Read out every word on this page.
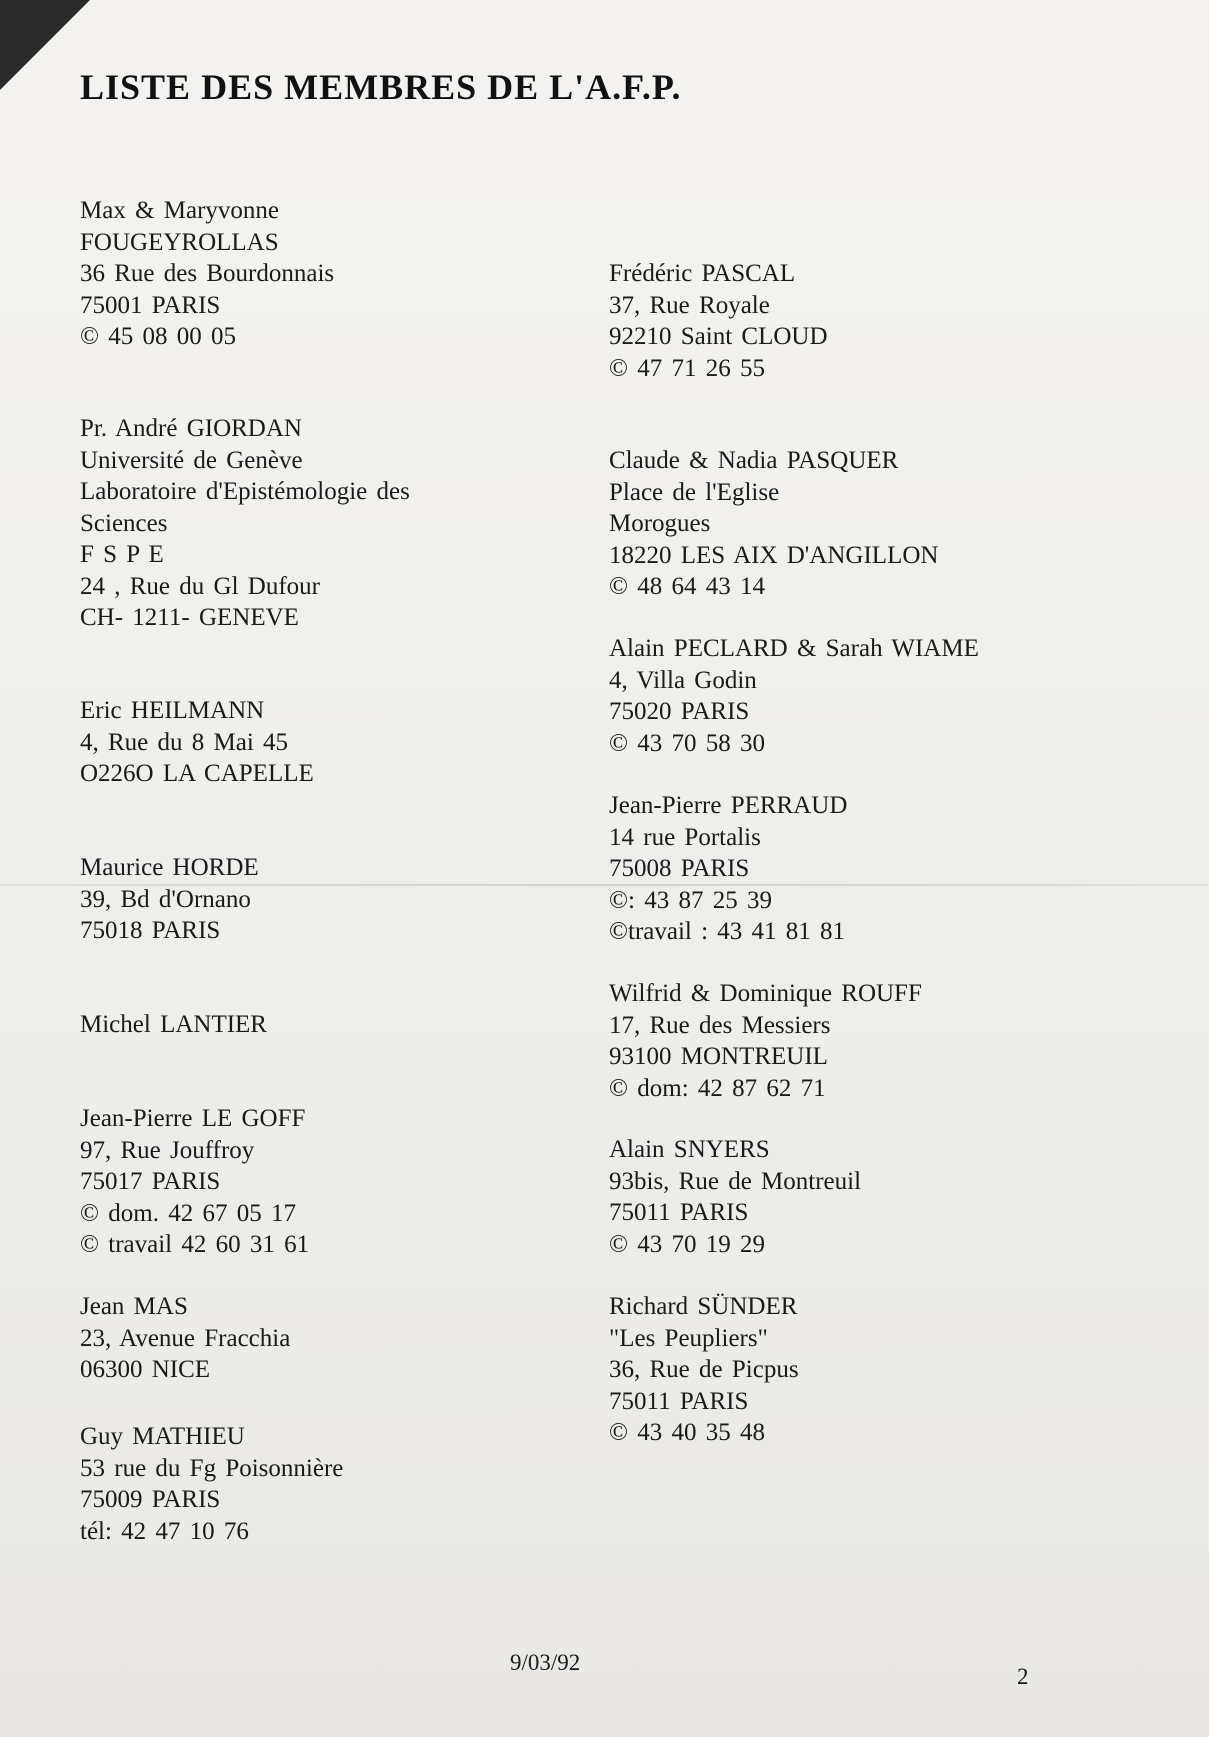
LISTE DES MEMBRES DE L'A.F.P.
Max & Maryvonne
FOUGEYROLLAS
36 Rue des Bourdonnais
75001 PARIS
© 45 08 00 05
Pr. André GIORDAN
Université de Genève
Laboratoire d'Epistémologie des
Sciences
F S P E
24 , Rue du Gl Dufour
CH- 1211- GENEVE
Eric HEILMANN
4, Rue du 8 Mai 45
O226O LA CAPELLE
Maurice HORDE
39, Bd d'Ornano
75018 PARIS
Michel LANTIER
Jean-Pierre LE GOFF
97, Rue Jouffroy
75017 PARIS
© dom. 42 67 05 17
© travail 42 60 31 61
Jean MAS
23, Avenue Fracchia
06300 NICE
Guy MATHIEU
53 rue du Fg Poisonnière
75009 PARIS
tél: 42 47 10 76
Frédéric PASCAL
37, Rue Royale
92210 Saint CLOUD
© 47 71 26 55
Claude & Nadia PASQUER
Place de l'Eglise
Morogues
18220 LES AIX D'ANGILLON
© 48 64 43 14
Alain PECLARD & Sarah WIAME
4, Villa Godin
75020 PARIS
© 43 70 58 30
Jean-Pierre PERRAUD
14 rue Portalis
75008 PARIS
©: 43 87 25 39
©travail : 43 41 81 81
Wilfrid & Dominique ROUFF
17, Rue des Messiers
93100 MONTREUIL
© dom: 42 87 62 71
Alain SNYERS
93bis, Rue de Montreuil
75011 PARIS
© 43 70 19 29
Richard SÜNDER
"Les Peupliers"
36, Rue de Picpus
75011 PARIS
© 43 40 35 48
9/03/92
2
